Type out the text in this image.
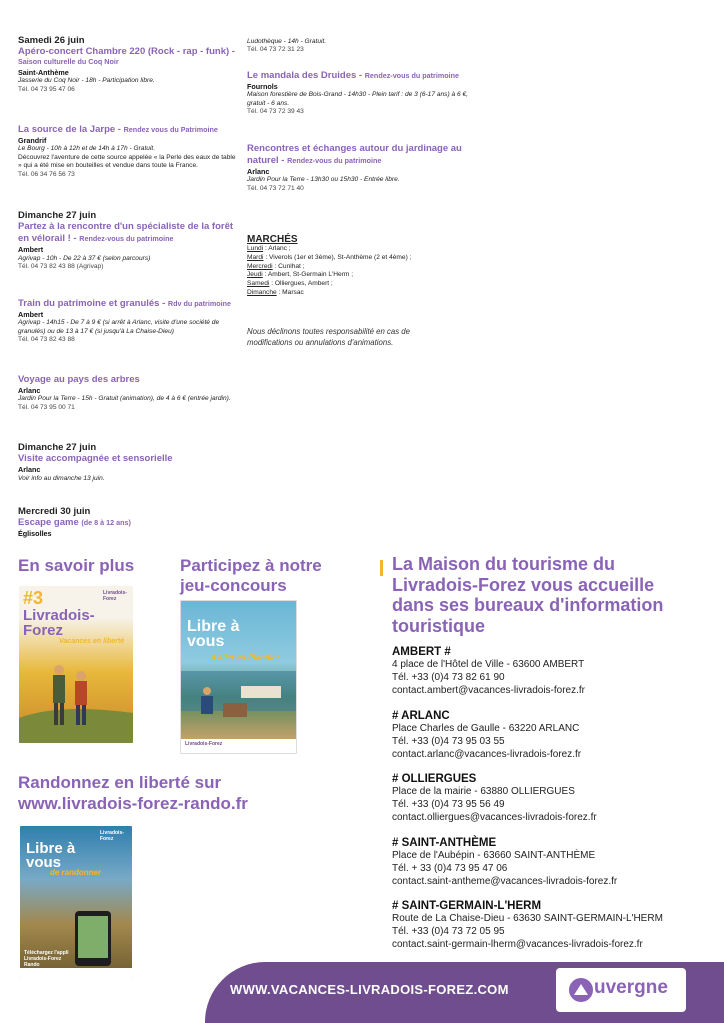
Samedi 26 juin
Apéro-concert Chambre 220 (Rock - rap - funk) - Saison culturelle du Coq Noir
Saint-Anthème
Jasserie du Coq Noir - 18h - Participation libre.
Tél. 04 73 95 47 06
La source de la Jarpe - Rendez vous du Patrimoine
Grandrif
Le Bourg - 10h à 12h et de 14h à 17h - Gratuit.
Découvrez l'aventure de cette source appelée « la Perle des eaux de table » qui a été mise en bouteilles et vendue dans toute la France.
Tél. 06 34 76 56 73
Dimanche 27 juin
Partez à la rencontre d'un spécialiste de la forêt en vélorail ! - Rendez-vous du patrimoine
Ambert
Agrivap - 10h - De 22 à 37 € (selon parcours)
Tél. 04 73 82 43 88 (Agrivap)
Train du patrimoine et granulés - Rdv du patrimoine
Ambert
Agrivap - 14h15 - De 7 à 9 € (si arrêt à Arlanc, visite d'une société de granulés) ou de 13 à 17 € (si jusqu'à La Chaise-Dieu)
Tél. 04 73 82 43 88
Voyage au pays des arbres
Arlanc
Jardin Pour la Terre - 15h - Gratuit (animation), de 4 à 6 € (entrée jardin).
Tél. 04 73 95 00 71
Dimanche 27 juin
Visite accompagnée et sensorielle
Arlanc
Voir info au dimanche 13 juin.
Mercredi 30 juin
Escape game (de 8 à 12 ans)
Églisolles
Ludothèque - 14h - Gratuit.
Tél. 04 73 72 31 23
Le mandala des Druides - Rendez-vous du patrimoine
Fournols
Maison forestière de Bois-Grand - 14h30 - Plein tarif : de 3 (6-17 ans) à 6 €, gratuit - 6 ans.
Tél. 04 73 72 39 43
Rencontres et échanges autour du jardinage au naturel - Rendez-vous du patrimoine
Arlanc
Jardin Pour la Terre - 13h30 ou 15h30 - Entrée libre.
Tél. 04 73 72 71 40
MARCHÉS
Lundi : Arlanc ;
Mardi : Viverols (1er et 3ème), St-Anthème (2 et 4ème) ;
Mercredi : Cunlhat ;
Jeudi : Ambert, St-Germain L'Herm ;
Samedi : Olliergues, Ambert ;
Dimanche : Marsac
Nous déclinons toutes responsabilité en cas de modifications ou annulations d'animations.
En savoir plus	Participez à notre jeu-concours
#3	Livradois-Forez
Livradois-Forez
Vacances en liberté
Libre à vous
d'aller au Plandier
Livradois-Forez
Randonnez en liberté sur www.livradois-forez-rando.fr
Libre à vous
de randonner
Livradois-Forez
Téléchargez l'appli Livradois-Forez Rando
La Maison du tourisme du Livradois-Forez vous accueille dans ses bureaux d'information touristique
AMBERT #
4 place de l'Hôtel de Ville - 63600 AMBERT
Tél. +33 (0)4 73 82 61 90
contact.ambert@vacances-livradois-forez.fr
# ARLANC
Place Charles de Gaulle - 63220 ARLANC
Tél. +33 (0)4 73 95 03 55
contact.arlanc@vacances-livradois-forez.fr
# OLLIERGUES
Place de la mairie - 63880 OLLIERGUES
Tél. +33 (0)4 73 95 56 49
contact.olliergues@vacances-livradois-forez.fr
# SAINT-ANTHÈME
Place de l'Aubépin - 63660 SAINT-ANTHÈME
Tél. + 33 (0)4 73 95 47 06
contact.saint-antheme@vacances-livradois-forez.fr
# SAINT-GERMAIN-L'HERM
Route de La Chaise-Dieu - 63630 SAINT-GERMAIN-L'HERM
Tél. +33 (0)4 73 72 05 95
contact.saint-germain-lherm@vacances-livradois-forez.fr
WWW.VACANCES-LIVRADOIS-FOREZ.COM	uvergne
